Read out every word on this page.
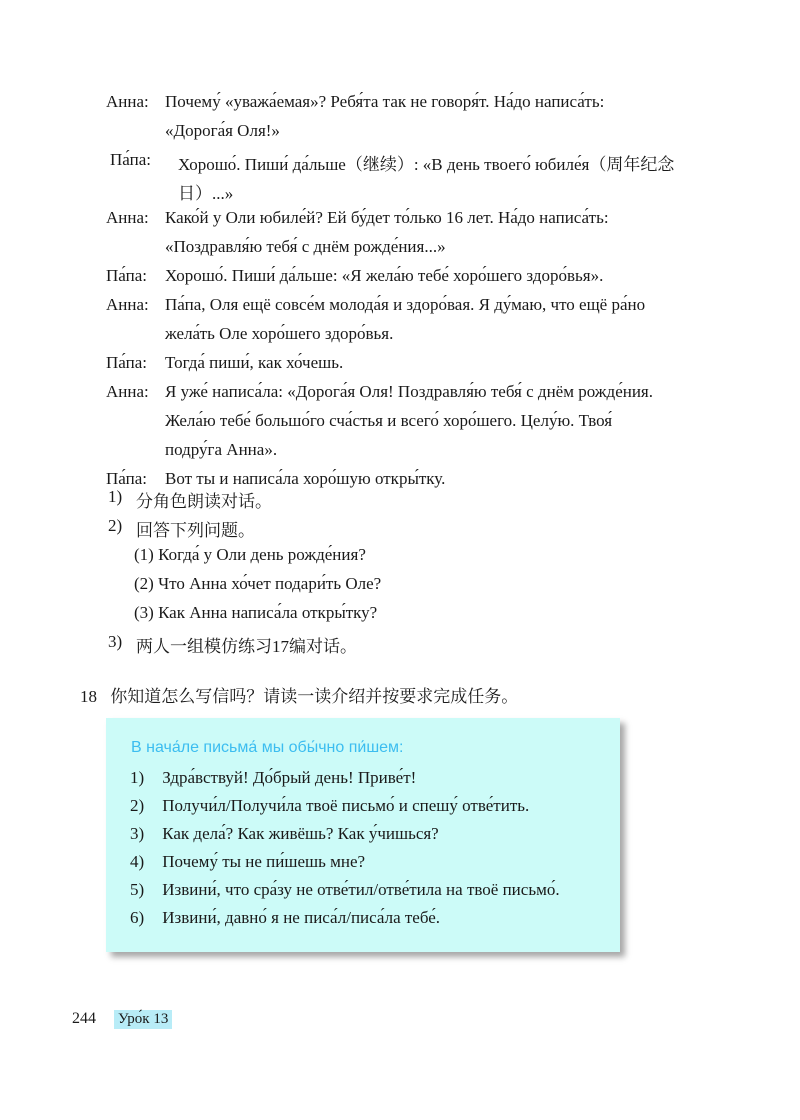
Анна: Почему́ «уважа́емая»? Ребя́та так не говоря́т. На́до написа́ть:
«Дорога́я Оля!»
Па́па: Хорошо́. Пиши́ да́льше（继续）: «В день твоего́ юбиле́я（周年纪念
日）...»
Анна: Како́й у Оли юбиле́й? Ей бу́дет то́лько 16 лет. На́до написа́ть:
«Поздравля́ю тебя́ с днём рожде́ния...»
Па́па: Хорошо́. Пиши́ да́льше: «Я жела́ю тебе́ хоро́шего здоро́вья».
Анна: Па́па, Оля ещё совсе́м молода́я и здоро́вая. Я ду́маю, что ещё ра́но
жела́ть Оле хоро́шего здоро́вья.
Па́па: Тогда́ пиши́, как хо́чешь.
Анна: Я уже́ написа́ла: «Дорога́я Оля! Поздравля́ю тебя́ с днём рожде́ния.
Жела́ю тебе́ большо́го сча́стья и всего́ хоро́шего. Целу́ю. Твоя́
подру́га Анна».
Па́па: Вот ты и написа́ла хоро́шую откры́тку.
1) 分角色朗读对话。
2) 回答下列问题。
(1) Когда́ у Оли день рожде́ния?
(2) Что Анна хо́чет подари́ть Оле?
(3) Как Анна написа́ла откры́тку?
3) 两人一组模仿练习17编对话。
18 你知道怎么写信吗？请读一读介绍并按要求完成任务。
В нача́ле письма́ мы обы́чно пи́шем:
1) Здра́вствуй! До́брый день! Приве́т!
2) Получи́л/Получи́ла твоё письмо́ и спешу́ отве́тить.
3) Как дела́? Как живёшь? Как у́чишься?
4) Почему́ ты не пи́шешь мне?
5) Извини́, что сра́зу не отве́тил/отве́тила на твоё письмо́.
6) Извини́, давно́ я не писа́л/писа́ла тебе́.
244 Уро́к 13
